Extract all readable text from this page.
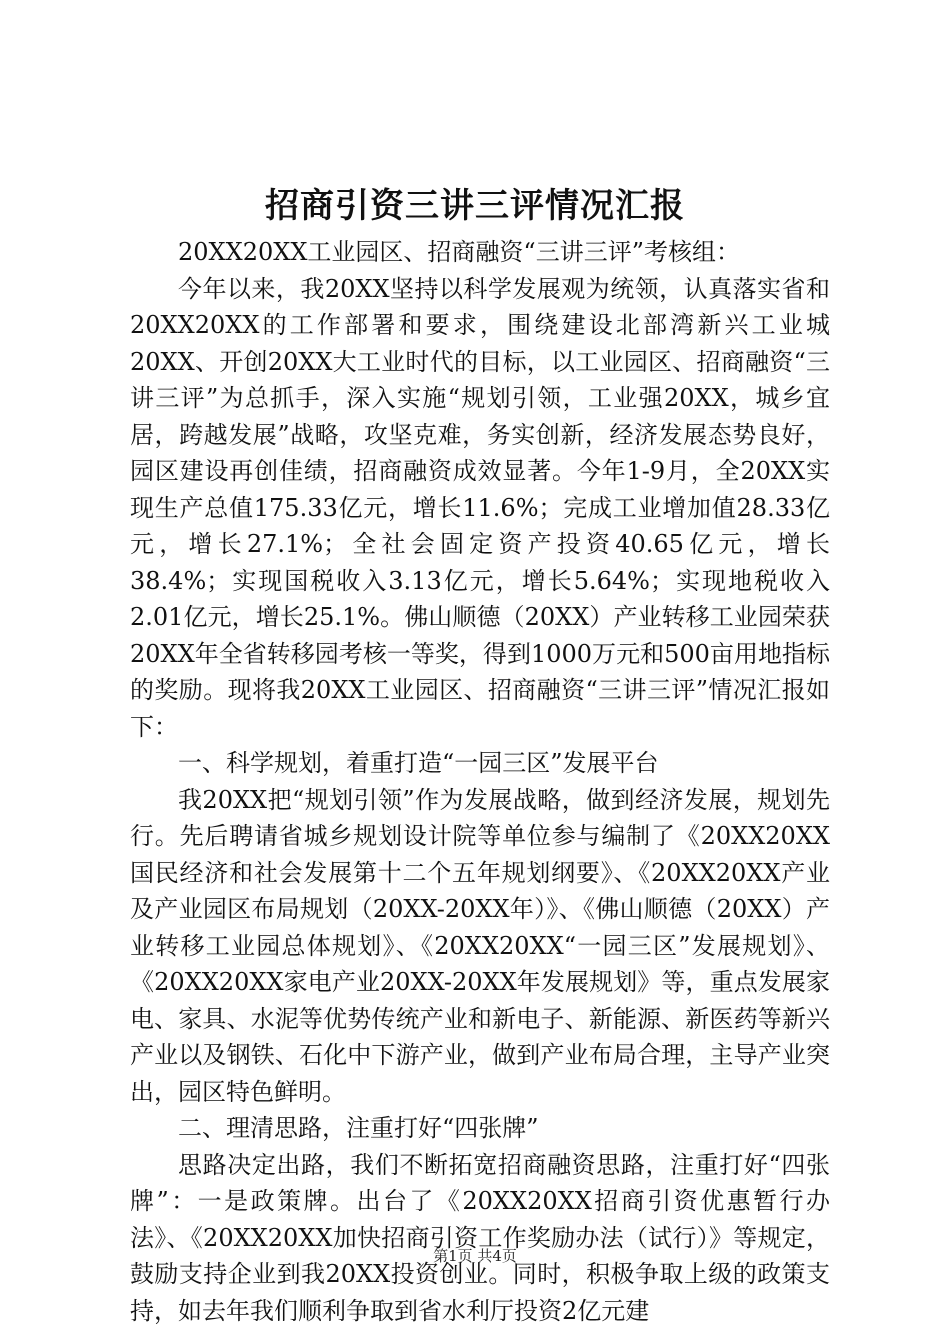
招商引资三讲三评情况汇报

20XX20XX工业园区、招商融资“三讲三评”考核组：

今年以来，我20XX坚持以科学发展观为统领，认真落实省和20XX20XX的工作部署和要求，围绕建设北部湾新兴工业城20XX、开创20XX大工业时代的目标，以工业园区、招商融资“三讲三评”为总抓手，深入实施“规划引领，工业强20XX，城乡宜居，跨越发展”战略，攻坚克难，务实创新，经济发展态势良好，园区建设再创佳绩，招商融资成效显著。今年1-9月，全20XX实现生产总值175.33亿元，增长11.6%；完成工业增加值28.33亿元，增长27.1%；全社会固定资产投资40.65亿元，增长38.4%；实现国税收入3.13亿元，增长5.64%；实现地税收入2.01亿元，增长25.1%。佛山顺德（20XX）产业转移工业园荣获20XX年全省转移园考核一等奖，得到1000万元和500亩用地指标的奖励。现将我20XX工业园区、招商融资“三讲三评”情况汇报如下：

一、科学规划，着重打造“一园三区”发展平台

我20XX把“规划引领”作为发展战略，做到经济发展，规划先行。先后聘请省城乡规划设计院等单位参与编制了《20XX20XX国民经济和社会发展第十二个五年规划纲要》、《20XX20XX产业及产业园区布局规划（20XX-20XX年）》、《佛山顺德（20XX）产业转移工业园总体规划》、《20XX20XX“一园三区”发展规划》、《20XX20XX家电产业20XX-20XX年发展规划》等，重点发展家电、家具、水泥等优势传统产业和新电子、新能源、新医药等新兴产业以及钢铁、石化中下游产业，做到产业布局合理，主导产业突出，园区特色鲜明。

二、理清思路，注重打好“四张牌”

思路决定出路，我们不断拓宽招商融资思路，注重打好“四张牌”：一是政策牌。出台了《20XX20XX招商引资优惠暂行办法》、《20XX20XX加快招商引资工作奖励办法（试行）》等规定，鼓励支持企业到我20XX投资创业。同时，积极争取上级的政策支持，如去年我们顺利争取到省水利厅投资2亿元建

第1页 共4页
